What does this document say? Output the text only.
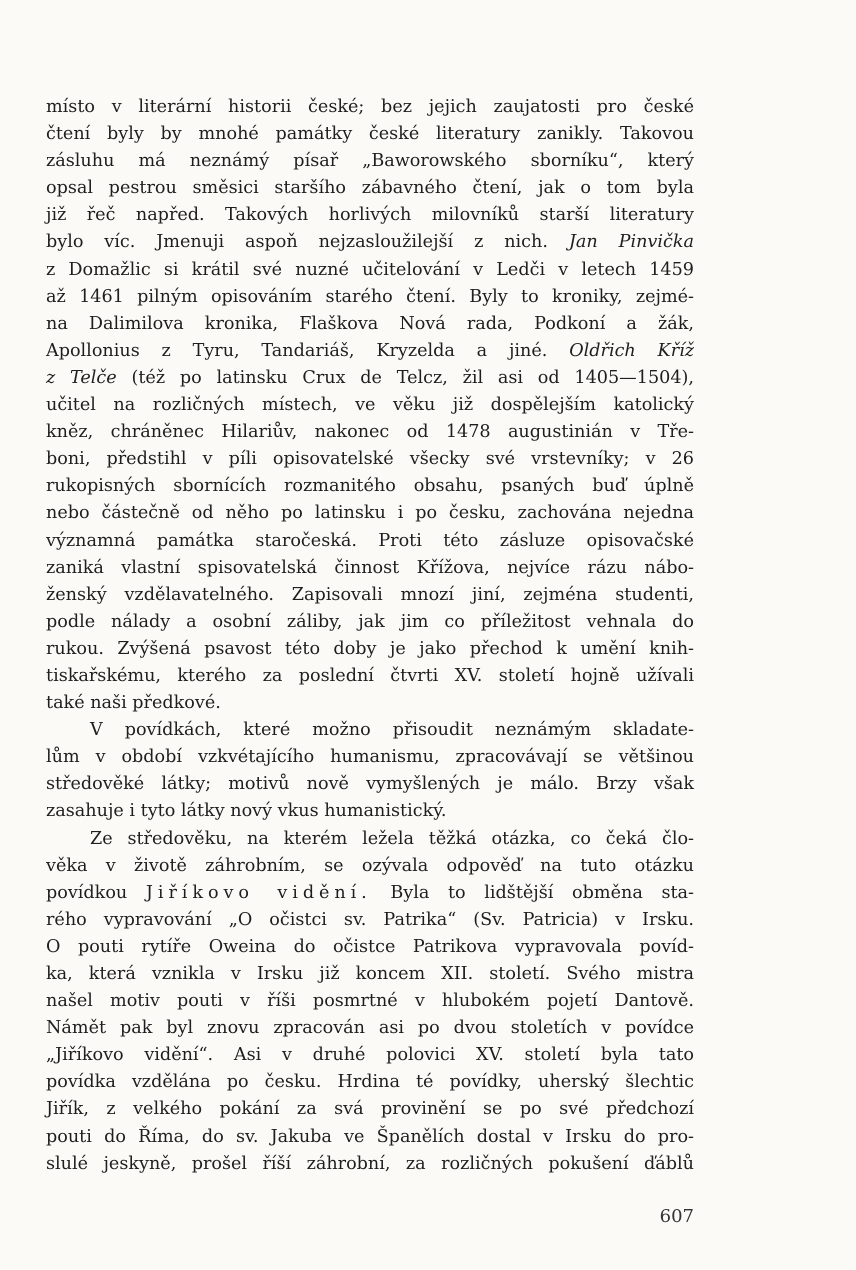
místo v literární historii české; bez jejich zaujatosti pro české
čtení byly by mnohé památky české literatury zanikly. Takovou
zásluhu má neznámý písař „Baworowského sborníku“, který
opsal pestrou směsici staršího zábavného čtení, jak o tom byla
již řeč napřed. Takových horlivých milovníků starší literatury
bylo víc. Jmenuji aspoň nejzasloužilejší z nich. Jan Pinvička
z Domažlic si krátil své nuzné učitelování v Ledči v letech 1459
až 1461 pilným opisováním starého čtení. Byly to kroniky, zejmé-
na Dalimilova kronika, Flaškova Nová rada, Podkoní a žák,
Apollonius z Tyru, Tandariáš, Kryzelda a jiné. Oldřich Kříž
z Telče (též po latinsku Crux de Telcz, žil asi od 1405—1504),
učitel na rozličných místech, ve věku již dospělejším katolický
kněz, chráněnec Hilariův, nakonec od 1478 augustinián v Tře-
boni, předstihl v píli opisovatelské všecky své vrstevníky; v 26
rukopisných sbornících rozmanitého obsahu, psaných buď úplně
nebo částečně od něho po latinsku i po česku, zachována nejedna
významná památka staročeská. Proti této zásluze opisovačské
zaniká vlastní spisovatelská činnost Křížova, nejvíce rázu nábo-
ženský vzdělavatelného. Zapisovali mnozí jiní, zejména studenti,
podle nálady a osobní záliby, jak jim co příležitost vehnala do
rukou. Zvýšená psavost této doby je jako přechod k umění knih-
tiskařskému, kterého za poslední čtvrti XV. století hojně užívali
také naši předkové.
V povídkách, které možno přisoudit neznámým skladate-
lům v období vzkvétajícího humanismu, zpracovávají se většinou
středověké látky; motivů nově vymyšlených je málo. Brzy však
zasahuje i tyto látky nový vkus humanistický.
Ze středověku, na kterém ležela těžká otázka, co čeká člo-
věka v životě záhrobním, se ozývala odpověď na tuto otázku
povídkou Jiříkovo vidění. Byla to lidštější obměna sta-
rého vypravování „O očistci sv. Patrika“ (Sv. Patricia) v Irsku.
O pouti rytíře Oweina do očistce Patrikova vypravovala povíd-
ka, která vznikla v Irsku již koncem XII. století. Svého mistra
našel motiv pouti v říši posmrtné v hlubokém pojetí Dantově.
Námět pak byl znovu zpracován asi po dvou stoletích v povídce
„Jiříkovo vidění“. Asi v druhé polovici XV. století byla tato
povídka vzdělána po česku. Hrdina té povídky, uherský šlechtic
Jiřík, z velkého pokání za svá provinění se po své předchozí
pouti do Říma, do sv. Jakuba ve Španělích dostal v Irsku do pro-
slulé jeskyně, prošel říší záhrobní, za rozličných pokušení ďáblů
607
